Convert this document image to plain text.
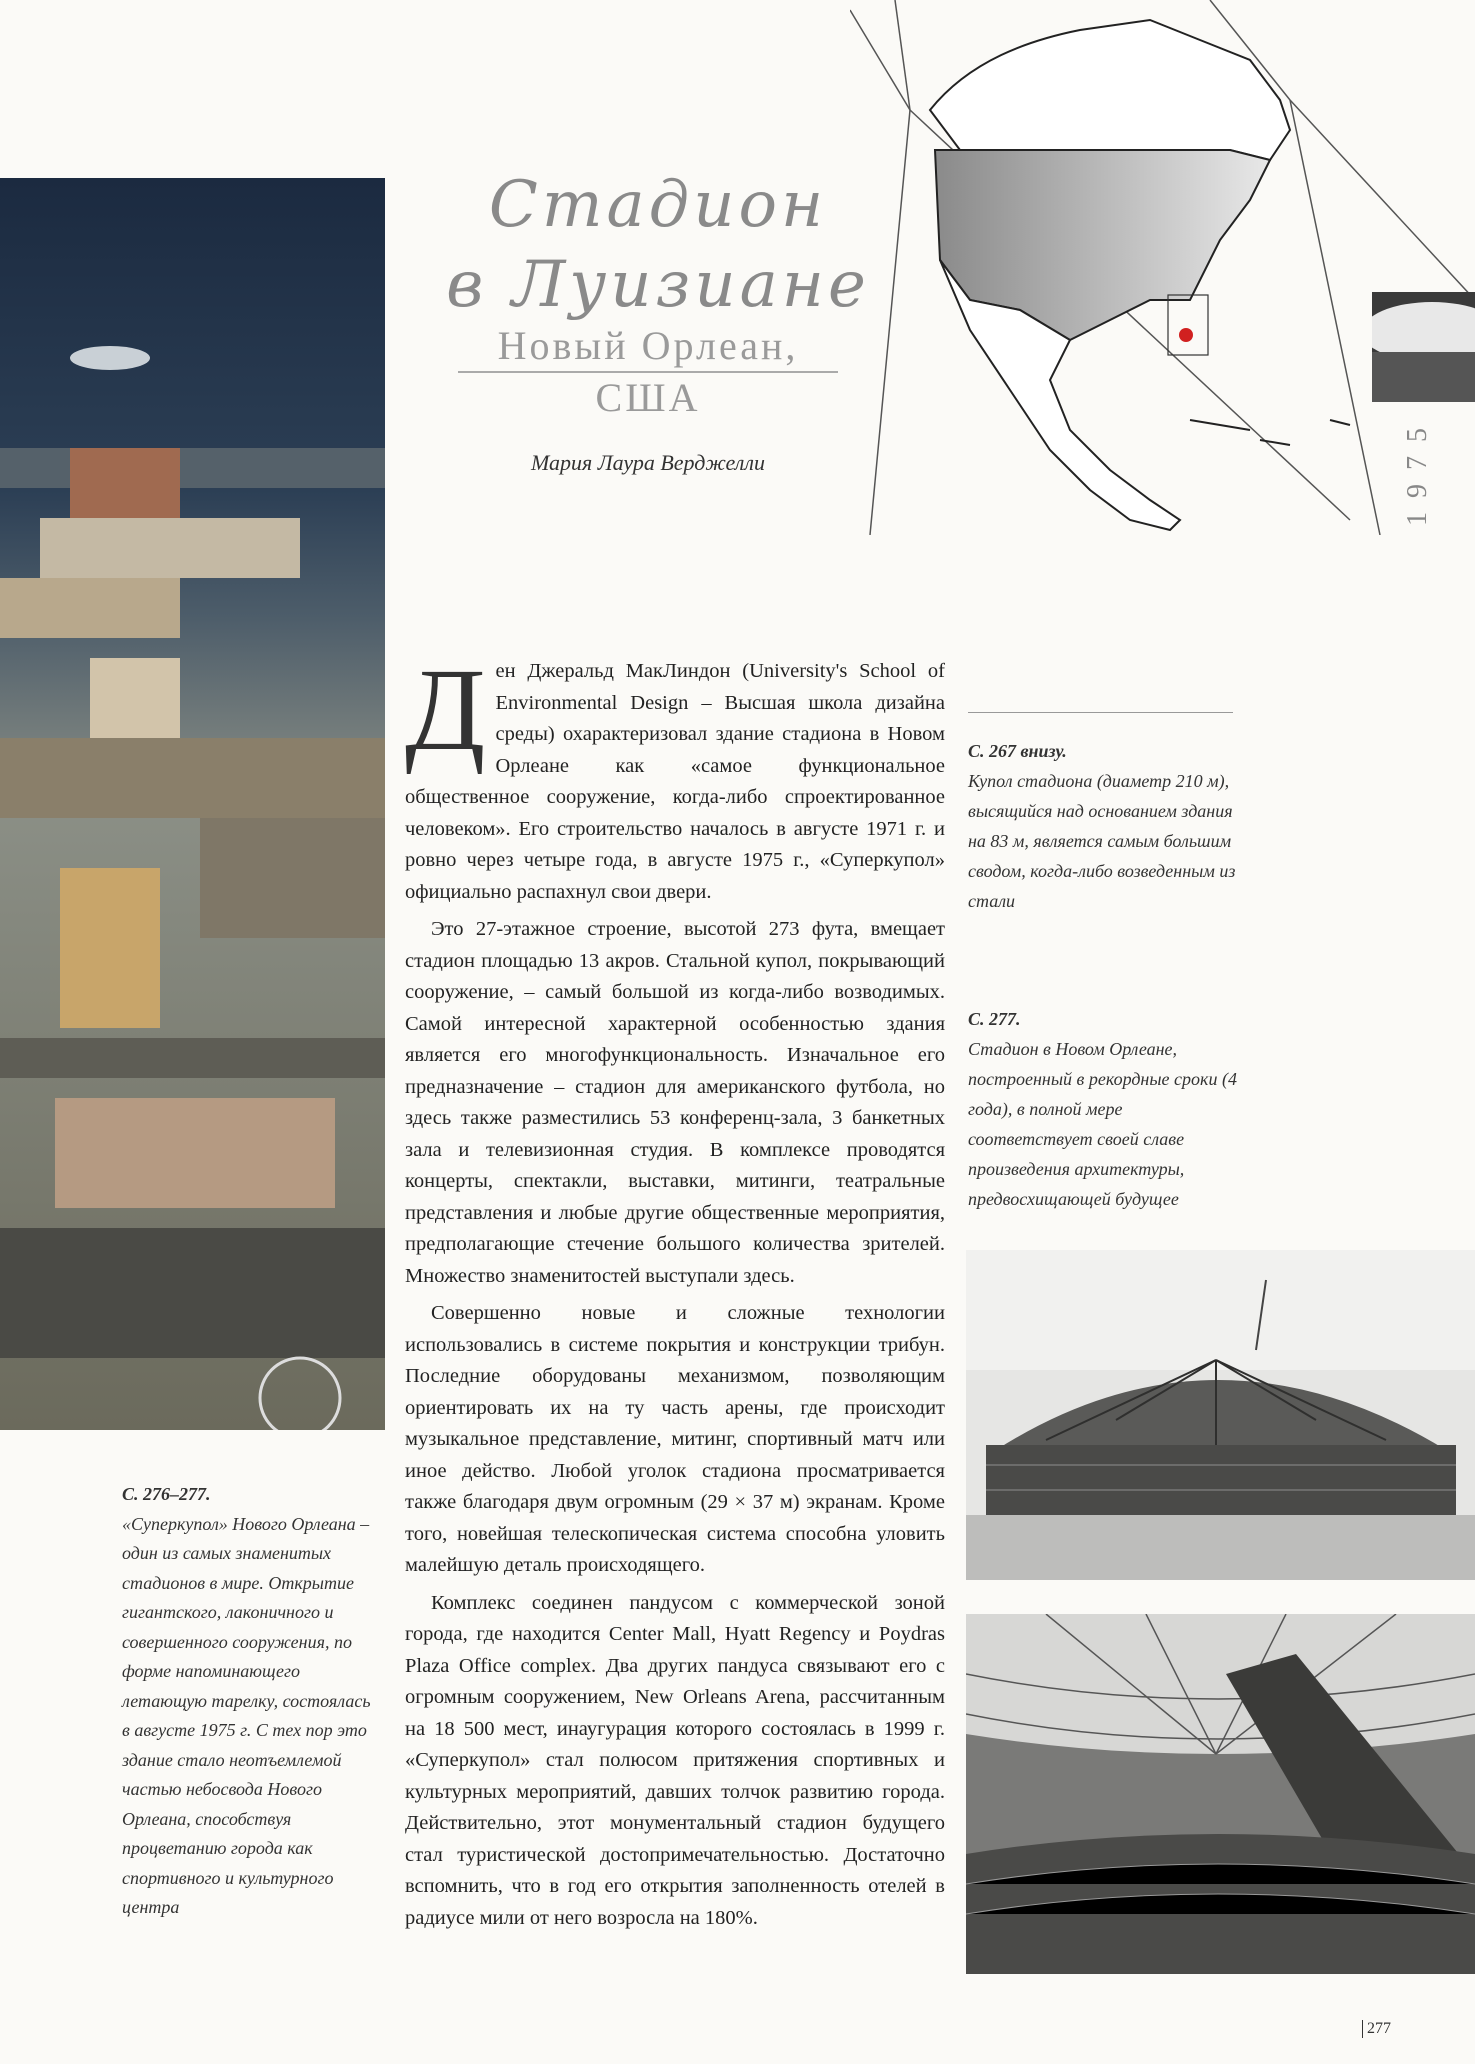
Стадион
в Луизиане
Новый Орлеан,
США
Мария Лаура Верджелли	1975

Ден Джеральд МакЛиндон (University's School of Environmental Design – Высшая школа дизайна среды) охарактеризовал здание стадиона в Новом Орлеане как «самое функциональное общественное сооружение, когда-либо спроектированное человеком». Его строительство началось в августе 1971 г. и ровно через четыре года, в августе 1975 г., «Суперкупол» официально распахнул свои двери.

Это 27-этажное строение, высотой 273 фута, вмещает стадион площадью 13 акров. Стальной купол, покрывающий сооружение, – самый большой из когда-либо возводимых. Самой интересной характерной особенностью здания является его многофункциональность. Изначальное его предназначение – стадион для американского футбола, но здесь также разместились 53 конференц-зала, 3 банкетных зала и телевизионная студия. В комплексе проводятся концерты, спектакли, выставки, митинги, театральные представления и любые другие общественные мероприятия, предполагающие стечение большого количества зрителей. Множество знаменитостей выступали здесь.

Совершенно новые и сложные технологии использовались в системе покрытия и конструкции трибун. Последние оборудованы механизмом, позволяющим ориентировать их на ту часть арены, где происходит музыкальное представление, митинг, спортивный матч или иное действо. Любой уголок стадиона просматривается также благодаря двум огромным (29 × 37 м) экранам. Кроме того, новейшая телескопическая система способна уловить малейшую деталь происходящего.

Комплекс соединен пандусом с коммерческой зоной города, где находится Center Mall, Hyatt Regency и Poydras Plaza Office complex. Два других пандуса связывают его с огромным сооружением, New Orleans Arena, рассчитанным на 18 500 мест, инаугурация которого состоялась в 1999 г. «Суперкупол» стал полюсом притяжения спортивных и культурных мероприятий, давших толчок развитию города. Действительно, этот монументальный стадион будущего стал туристической достопримечательностью. Достаточно вспомнить, что в год его открытия заполненность отелей в радиусе мили от него возросла на 180%.

С. 267 внизу.
Купол стадиона (диаметр 210 м), высящийся над основанием здания на 83 м, является самым большим сводом, когда-либо возведенным из стали
С. 277.
Стадион в Новом Орлеане, построенный в рекордные сроки (4 года), в полной мере соответствует своей славе произведения архитектуры, предвосхищающей будущее
С. 276–277.
«Суперкупол» Нового Орлеана – один из самых знаменитых стадионов в мире. Открытие гигантского, лаконичного и совершенного сооружения, по форме напоминающего летающую тарелку, состоялась в августе 1975 г. С тех пор это здание стало неотъемлемой частью небосвода Нового Орлеана, способствуя процветанию города как спортивного и культурного центра
277
